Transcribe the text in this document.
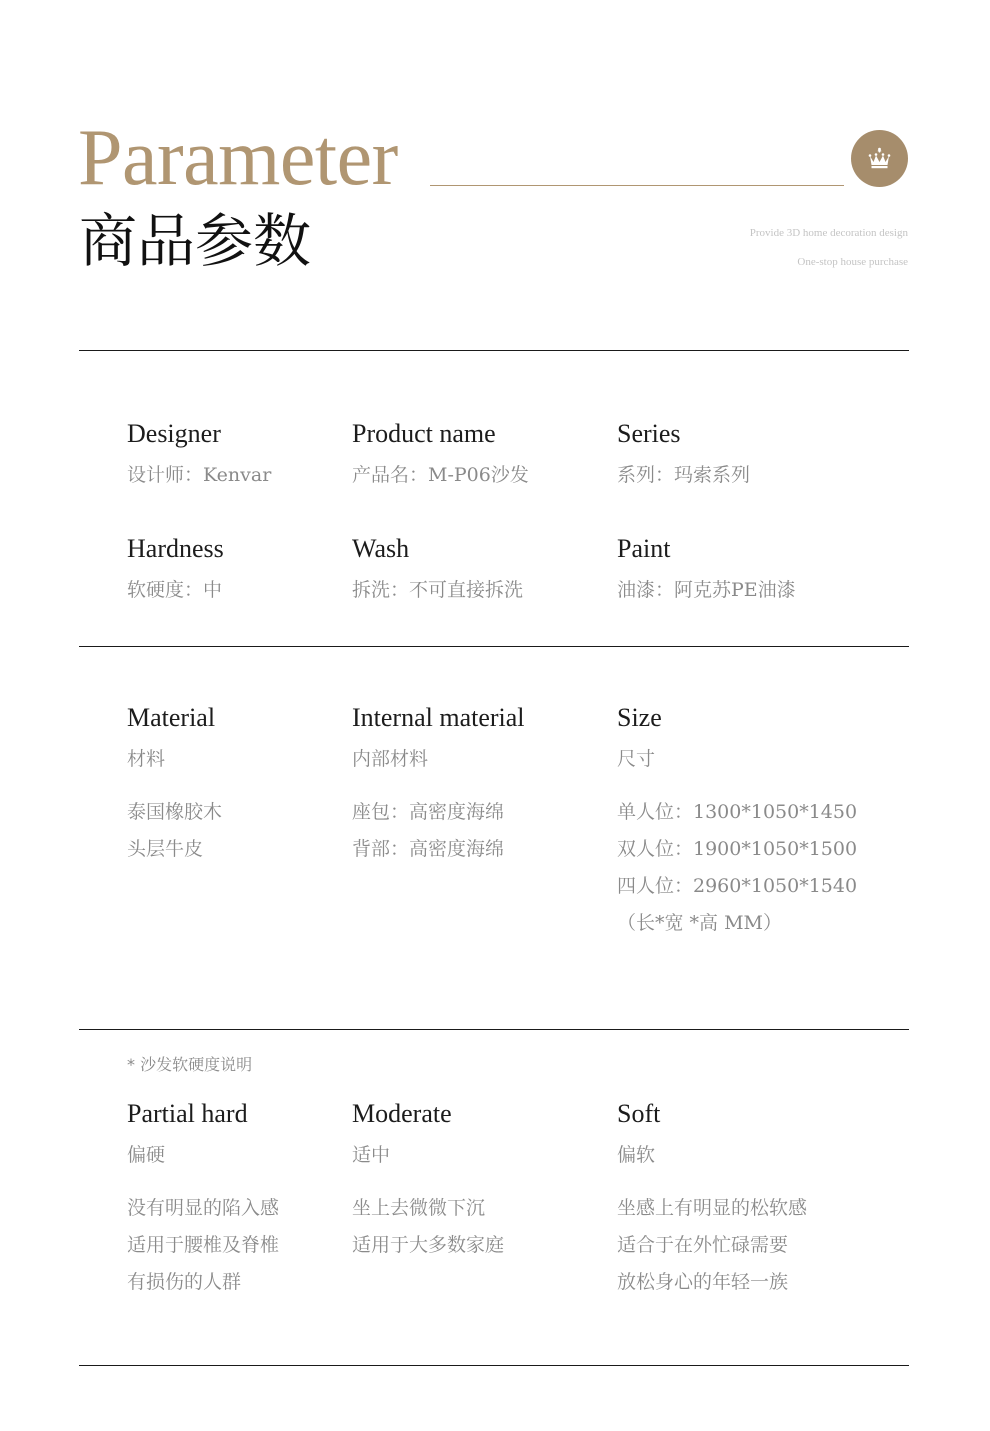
Parameter
商品参数	Provide 3D home decoration design
One-stop house purchase
Designer
设计师：Kenvar
Product name
产品名：M-P06沙发
Series
系列：玛索系列
Hardness
软硬度：中
Wash
拆洗：不可直接拆洗
Paint
油漆：阿克苏PE油漆
Material
材料
泰国橡胶木
头层牛皮
Internal material
内部材料
座包：高密度海绵
背部：高密度海绵
Size
尺寸
单人位：1300*1050*1450
双人位：1900*1050*1500
四人位：2960*1050*1540
（长*宽 *高 MM）
* 沙发软硬度说明
Partial hard
偏硬
没有明显的陷入感
适用于腰椎及脊椎
有损伤的人群
Moderate
适中
坐上去微微下沉
适用于大多数家庭
Soft
偏软
坐感上有明显的松软感
适合于在外忙碌需要
放松身心的年轻一族
